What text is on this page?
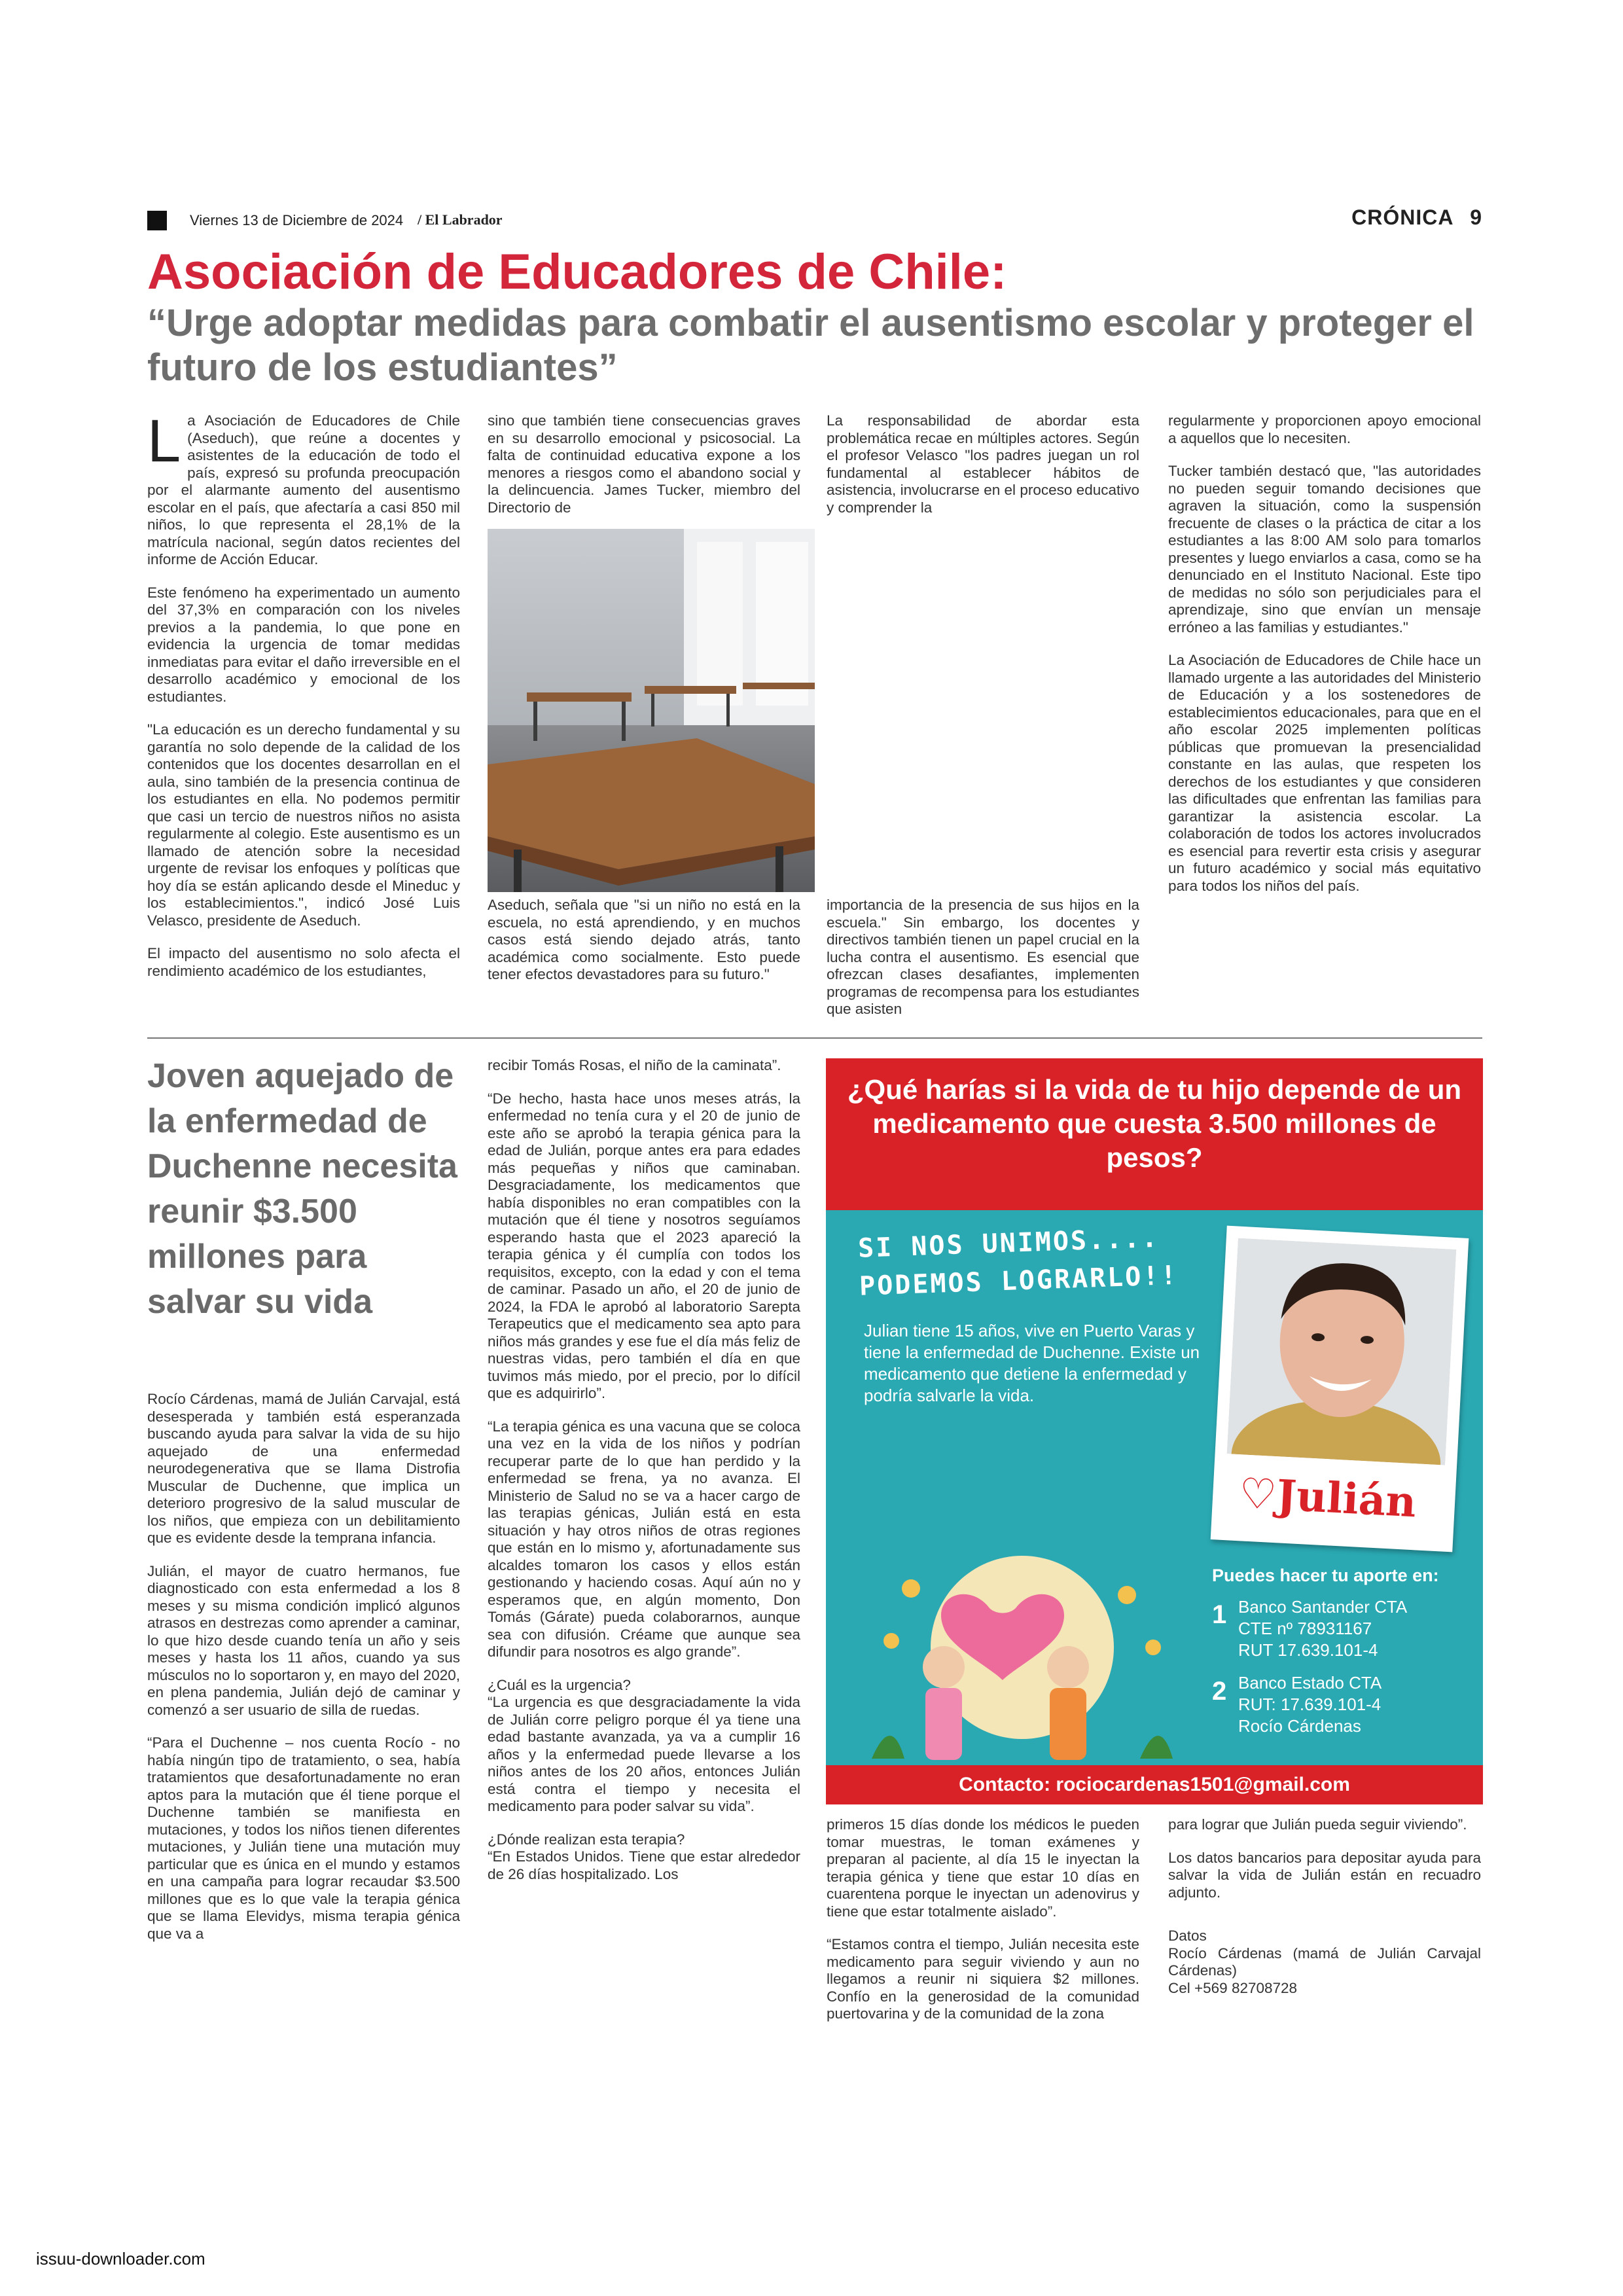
Viernes 13 de Diciembre de 2024 / El Labrador	CRÓNICA 9
Asociación de Educadores de Chile:
“Urge adoptar medidas para combatir el ausentismo escolar y proteger el futuro de los estudiantes”

La Asociación de Educadores de Chile (Aseduch), que reúne a docentes y asistentes de la educación de todo el país, expresó su profunda preocupación por el alarmante aumento del ausentismo escolar en el país, que afectaría a casi 850 mil niños, lo que representa el 28,1% de la matrícula nacional, según datos recientes del informe de Acción Educar.

Este fenómeno ha experimentado un aumento del 37,3% en comparación con los niveles previos a la pandemia, lo que pone en evidencia la urgencia de tomar medidas inmediatas para evitar el daño irreversible en el desarrollo académico y emocional de los estudiantes.

"La educación es un derecho fundamental y su garantía no solo depende de la calidad de los contenidos que los docentes desarrollan en el aula, sino también de la presencia continua de los estudiantes en ella. No podemos permitir que casi un tercio de nuestros niños no asista regularmente al colegio. Este ausentismo es un llamado de atención sobre la necesidad urgente de revisar los enfoques y políticas que hoy día se están aplicando desde el Mineduc y los establecimientos.", indicó José Luis Velasco, presidente de Aseduch.

El impacto del ausentismo no solo afecta el rendimiento académico de los estudiantes,

sino que también tiene consecuencias graves en su desarrollo emocional y psicosocial. La falta de continuidad educativa expone a los menores a riesgos como el abandono social y la delincuencia. James Tucker, miembro del Directorio de
Aseduch, señala que "si un niño no está en la escuela, no está aprendiendo, y en muchos casos está siendo dejado atrás, tanto académica como socialmente. Esto puede tener efectos devastadores para su futuro."
La responsabilidad de abordar esta problemática recae en múltiples actores. Según el profesor Velasco "los padres juegan un rol fundamental al establecer hábitos de asistencia, involucrarse en el proceso educativo y comprender la
importancia de la presencia de sus hijos en la escuela." Sin embargo, los docentes y directivos también tienen un papel crucial en la lucha contra el ausentismo. Es esencial que ofrezcan clases desafiantes, implementen programas de recompensa para los estudiantes que asisten

regularmente y proporcionen apoyo emocional a aquellos que lo necesiten.

Tucker también destacó que, "las autoridades no pueden seguir tomando decisiones que agraven la situación, como la suspensión frecuente de clases o la práctica de citar a los estudiantes a las 8:00 AM solo para tomarlos presentes y luego enviarlos a casa, como se ha denunciado en el Instituto Nacional. Este tipo de medidas no sólo son perjudiciales para el aprendizaje, sino que envían un mensaje erróneo a las familias y estudiantes."

La Asociación de Educadores de Chile hace un llamado urgente a las autoridades del Ministerio de Educación y a los sostenedores de establecimientos educacionales, para que en el año escolar 2025 implementen políticas públicas que promuevan la presencialidad constante en las aulas, que respeten los derechos de los estudiantes y que consideren las dificultades que enfrentan las familias para garantizar la asistencia escolar. La colaboración de todos los actores involucrados es esencial para revertir esta crisis y asegurar un futuro académico y social más equitativo para todos los niños del país.

Joven aquejado de la enfermedad de Duchenne necesita reunir $3.500 millones para salvar su vida

Rocío Cárdenas, mamá de Julián Carvajal, está desesperada y también está esperanzada buscando ayuda para salvar la vida de su hijo aquejado de una enfermedad neurodegenerativa que se llama Distrofia Muscular de Duchenne, que implica un deterioro progresivo de la salud muscular de los niños, que empieza con un debilitamiento que es evidente desde la temprana infancia.

Julián, el mayor de cuatro hermanos, fue diagnosticado con esta enfermedad a los 8 meses y su misma condición implicó algunos atrasos en destrezas como aprender a caminar, lo que hizo desde cuando tenía un año y seis meses y hasta los 11 años, cuando ya sus músculos no lo soportaron y, en mayo del 2020, en plena pandemia, Julián dejó de caminar y comenzó a ser usuario de silla de ruedas.

“Para el Duchenne – nos cuenta Rocío - no había ningún tipo de tratamiento, o sea, había tratamientos que desafortunadamente no eran aptos para la mutación que él tiene porque el Duchenne también se manifiesta en mutaciones, y todos los niños tienen diferentes mutaciones, y Julián tiene una mutación muy particular que es única en el mundo y estamos en una campaña para lograr recaudar $3.500 millones que es lo que vale la terapia génica que se llama Elevidys, misma terapia génica que va a

recibir Tomás Rosas, el niño de la caminata”.

“De hecho, hasta hace unos meses atrás, la enfermedad no tenía cura y el 20 de junio de este año se aprobó la terapia génica para la edad de Julián, porque antes era para edades más pequeñas y niños que caminaban. Desgraciadamente, los medicamentos que había disponibles no eran compatibles con la mutación que él tiene y nosotros seguíamos esperando hasta que el 2023 apareció la terapia génica y él cumplía con todos los requisitos, excepto, con la edad y con el tema de caminar. Pasado un año, el 20 de junio de 2024, la FDA le aprobó al laboratorio Sarepta Terapeutics que el medicamento sea apto para niños más grandes y ese fue el día más feliz de nuestras vidas, pero también el día en que tuvimos más miedo, por el precio, por lo difícil que es adquirirlo”.

“La terapia génica es una vacuna que se coloca una vez en la vida de los niños y podrían recuperar parte de lo que han perdido y la enfermedad se frena, ya no avanza. El Ministerio de Salud no se va a hacer cargo de las terapias génicas, Julián está en esta situación y hay otros niños de otras regiones que están en lo mismo y, afortunadamente sus alcaldes tomaron los casos y ellos están gestionando y haciendo cosas. Aquí aún no y esperamos que, en algún momento, Don Tomás (Gárate) pueda colaborarnos, aunque sea con difusión. Créame que aunque sea difundir para nosotros es algo grande”.

¿Cuál es la urgencia?

“La urgencia es que desgraciadamente la vida de Julián corre peligro porque él ya tiene una edad bastante avanzada, ya va a cumplir 16 años y la enfermedad puede llevarse a los niños antes de los 20 años, entonces Julián está contra el tiempo y necesita el medicamento para poder salvar su vida”.

¿Dónde realizan esta terapia?

“En Estados Unidos. Tiene que estar alrededor de 26 días hospitalizado. Los

¿Qué harías si la vida de tu hijo depende de un medicamento que cuesta 3.500 millones de pesos?
SI NOS UNIMOS....
PODEMOS LOGRARLO!!
Julian tiene 15 años, vive en Puerto Varas y tiene la enfermedad de Duchenne. Existe un medicamento que detiene la enfermedad y podría salvarle la vida.
♡Julián
Puedes hacer tu aporte en:
1 Banco Santander CTA
CTE nº 78931167
RUT 17.639.101-4
2 Banco Estado CTA
RUT: 17.639.101-4
Rocío Cárdenas
Contacto: rociocardenas1501@gmail.com

primeros 15 días donde los médicos le pueden tomar muestras, le toman exámenes y preparan al paciente, al día 15 le inyectan la terapia génica y tiene que estar 10 días en cuarentena porque le inyectan un adenovirus y tiene que estar totalmente aislado”.

“Estamos contra el tiempo, Julián necesita este medicamento para seguir viviendo y aun no llegamos a reunir ni siquiera $2 millones. Confío en la generosidad de la comunidad puertovarina y de la comunidad de la zona

para lograr que Julián pueda seguir viviendo”.

Los datos bancarios para depositar ayuda para salvar la vida de Julián están en recuadro adjunto.

Datos
Rocío Cárdenas (mamá de Julián Carvajal Cárdenas)
Cel +569 82708728
issuu-downloader.com
